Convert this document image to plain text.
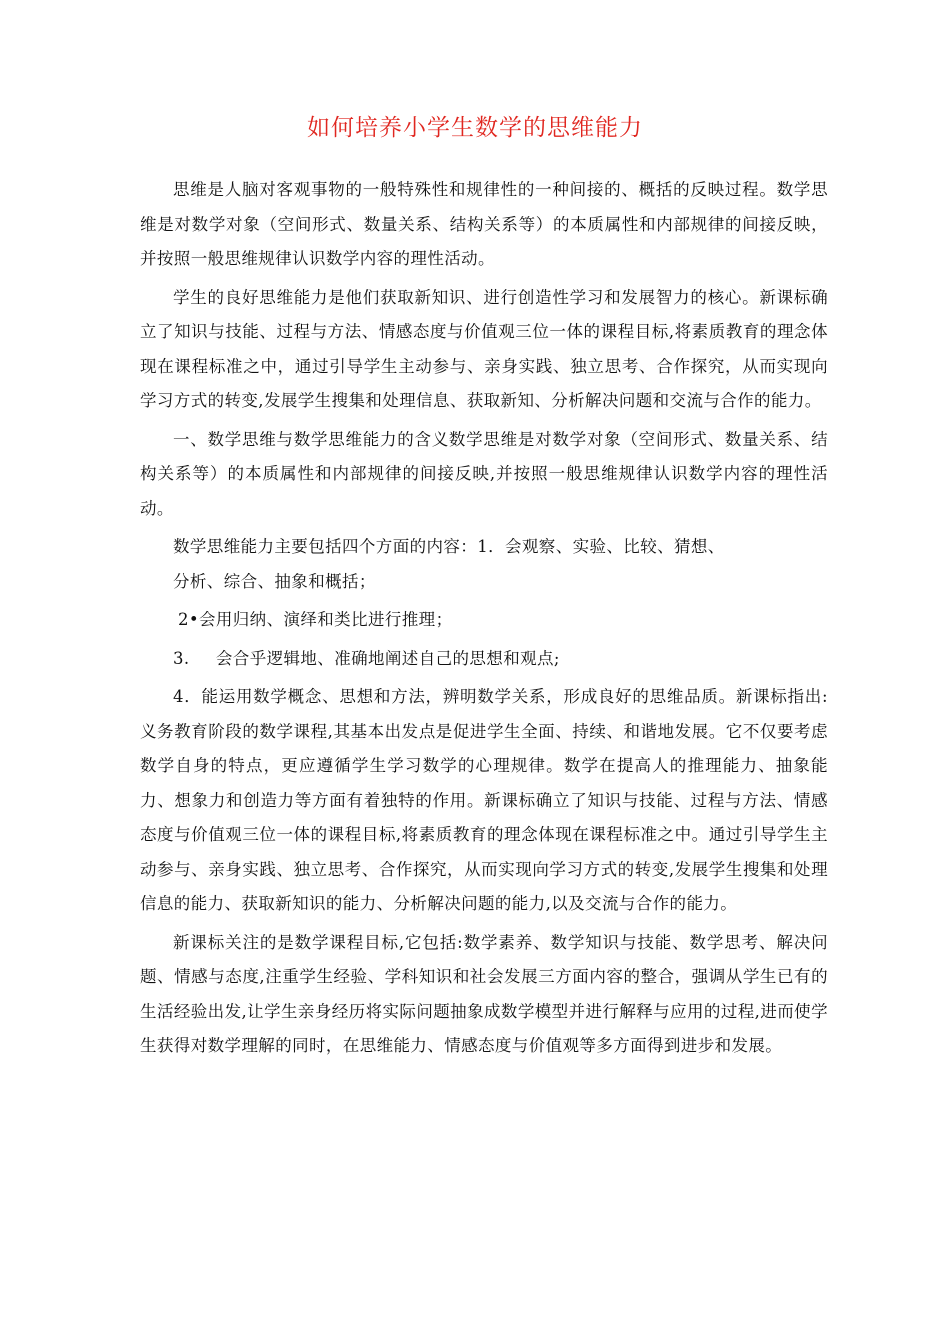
如何培养小学生数学的思维能力

思维是人脑对客观事物的一般特殊性和规律性的一种间接的、概括的反映过程。数学思维是对数学对象（空间形式、数量关系、结构关系等）的本质属性和内部规律的间接反映，并按照一般思维规律认识数学内容的理性活动。

学生的良好思维能力是他们获取新知识、进行创造性学习和发展智力的核心。新课标确立了知识与技能、过程与方法、情感态度与价值观三位一体的课程目标,将素质教育的理念体现在课程标准之中，通过引导学生主动参与、亲身实践、独立思考、合作探究，从而实现向学习方式的转变,发展学生搜集和处理信息、获取新知、分析解决问题和交流与合作的能力。

一、数学思维与数学思维能力的含义数学思维是对数学对象（空间形式、数量关系、结构关系等）的本质属性和内部规律的间接反映,并按照一般思维规律认识数学内容的理性活动。

数学思维能力主要包括四个方面的内容：1．会观察、实验、比较、猜想、

分析、综合、抽象和概括；

2•会用归纳、演绎和类比进行推理；

3. 会合乎逻辑地、准确地阐述自己的思想和观点;

4．能运用数学概念、思想和方法，辨明数学关系，形成良好的思维品质。新课标指出:义务教育阶段的数学课程,其基本出发点是促进学生全面、持续、和谐地发展。它不仅要考虑数学自身的特点，更应遵循学生学习数学的心理规律。数学在提高人的推理能力、抽象能力、想象力和创造力等方面有着独特的作用。新课标确立了知识与技能、过程与方法、情感态度与价值观三位一体的课程目标,将素质教育的理念体现在课程标准之中。通过引导学生主动参与、亲身实践、独立思考、合作探究，从而实现向学习方式的转变,发展学生搜集和处理信息的能力、获取新知识的能力、分析解决问题的能力,以及交流与合作的能力。

新课标关注的是数学课程目标,它包括:数学素养、数学知识与技能、数学思考、解决问题、情感与态度,注重学生经验、学科知识和社会发展三方面内容的整合，强调从学生已有的生活经验出发,让学生亲身经历将实际问题抽象成数学模型并进行解释与应用的过程,进而使学生获得对数学理解的同时，在思维能力、情感态度与价值观等多方面得到进步和发展。
